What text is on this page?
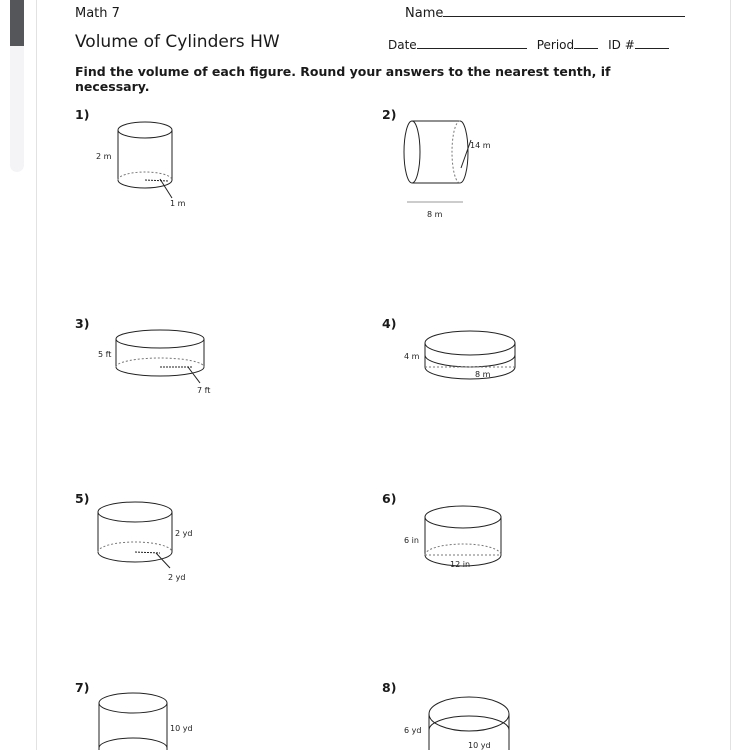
Math 7	Name
Volume of Cylinders HW	Date	Period	ID #
Find the volume of each figure. Round your answers to the nearest tenth, if necessary.
1)	2)
3)	4)
5)	6)
7)	8)
2 m
1 m
14 m
8 m
5 ft
7 ft
4 m
8 m
2 yd
2 yd
6 in
12 in
10 yd	6 yd
10 yd
